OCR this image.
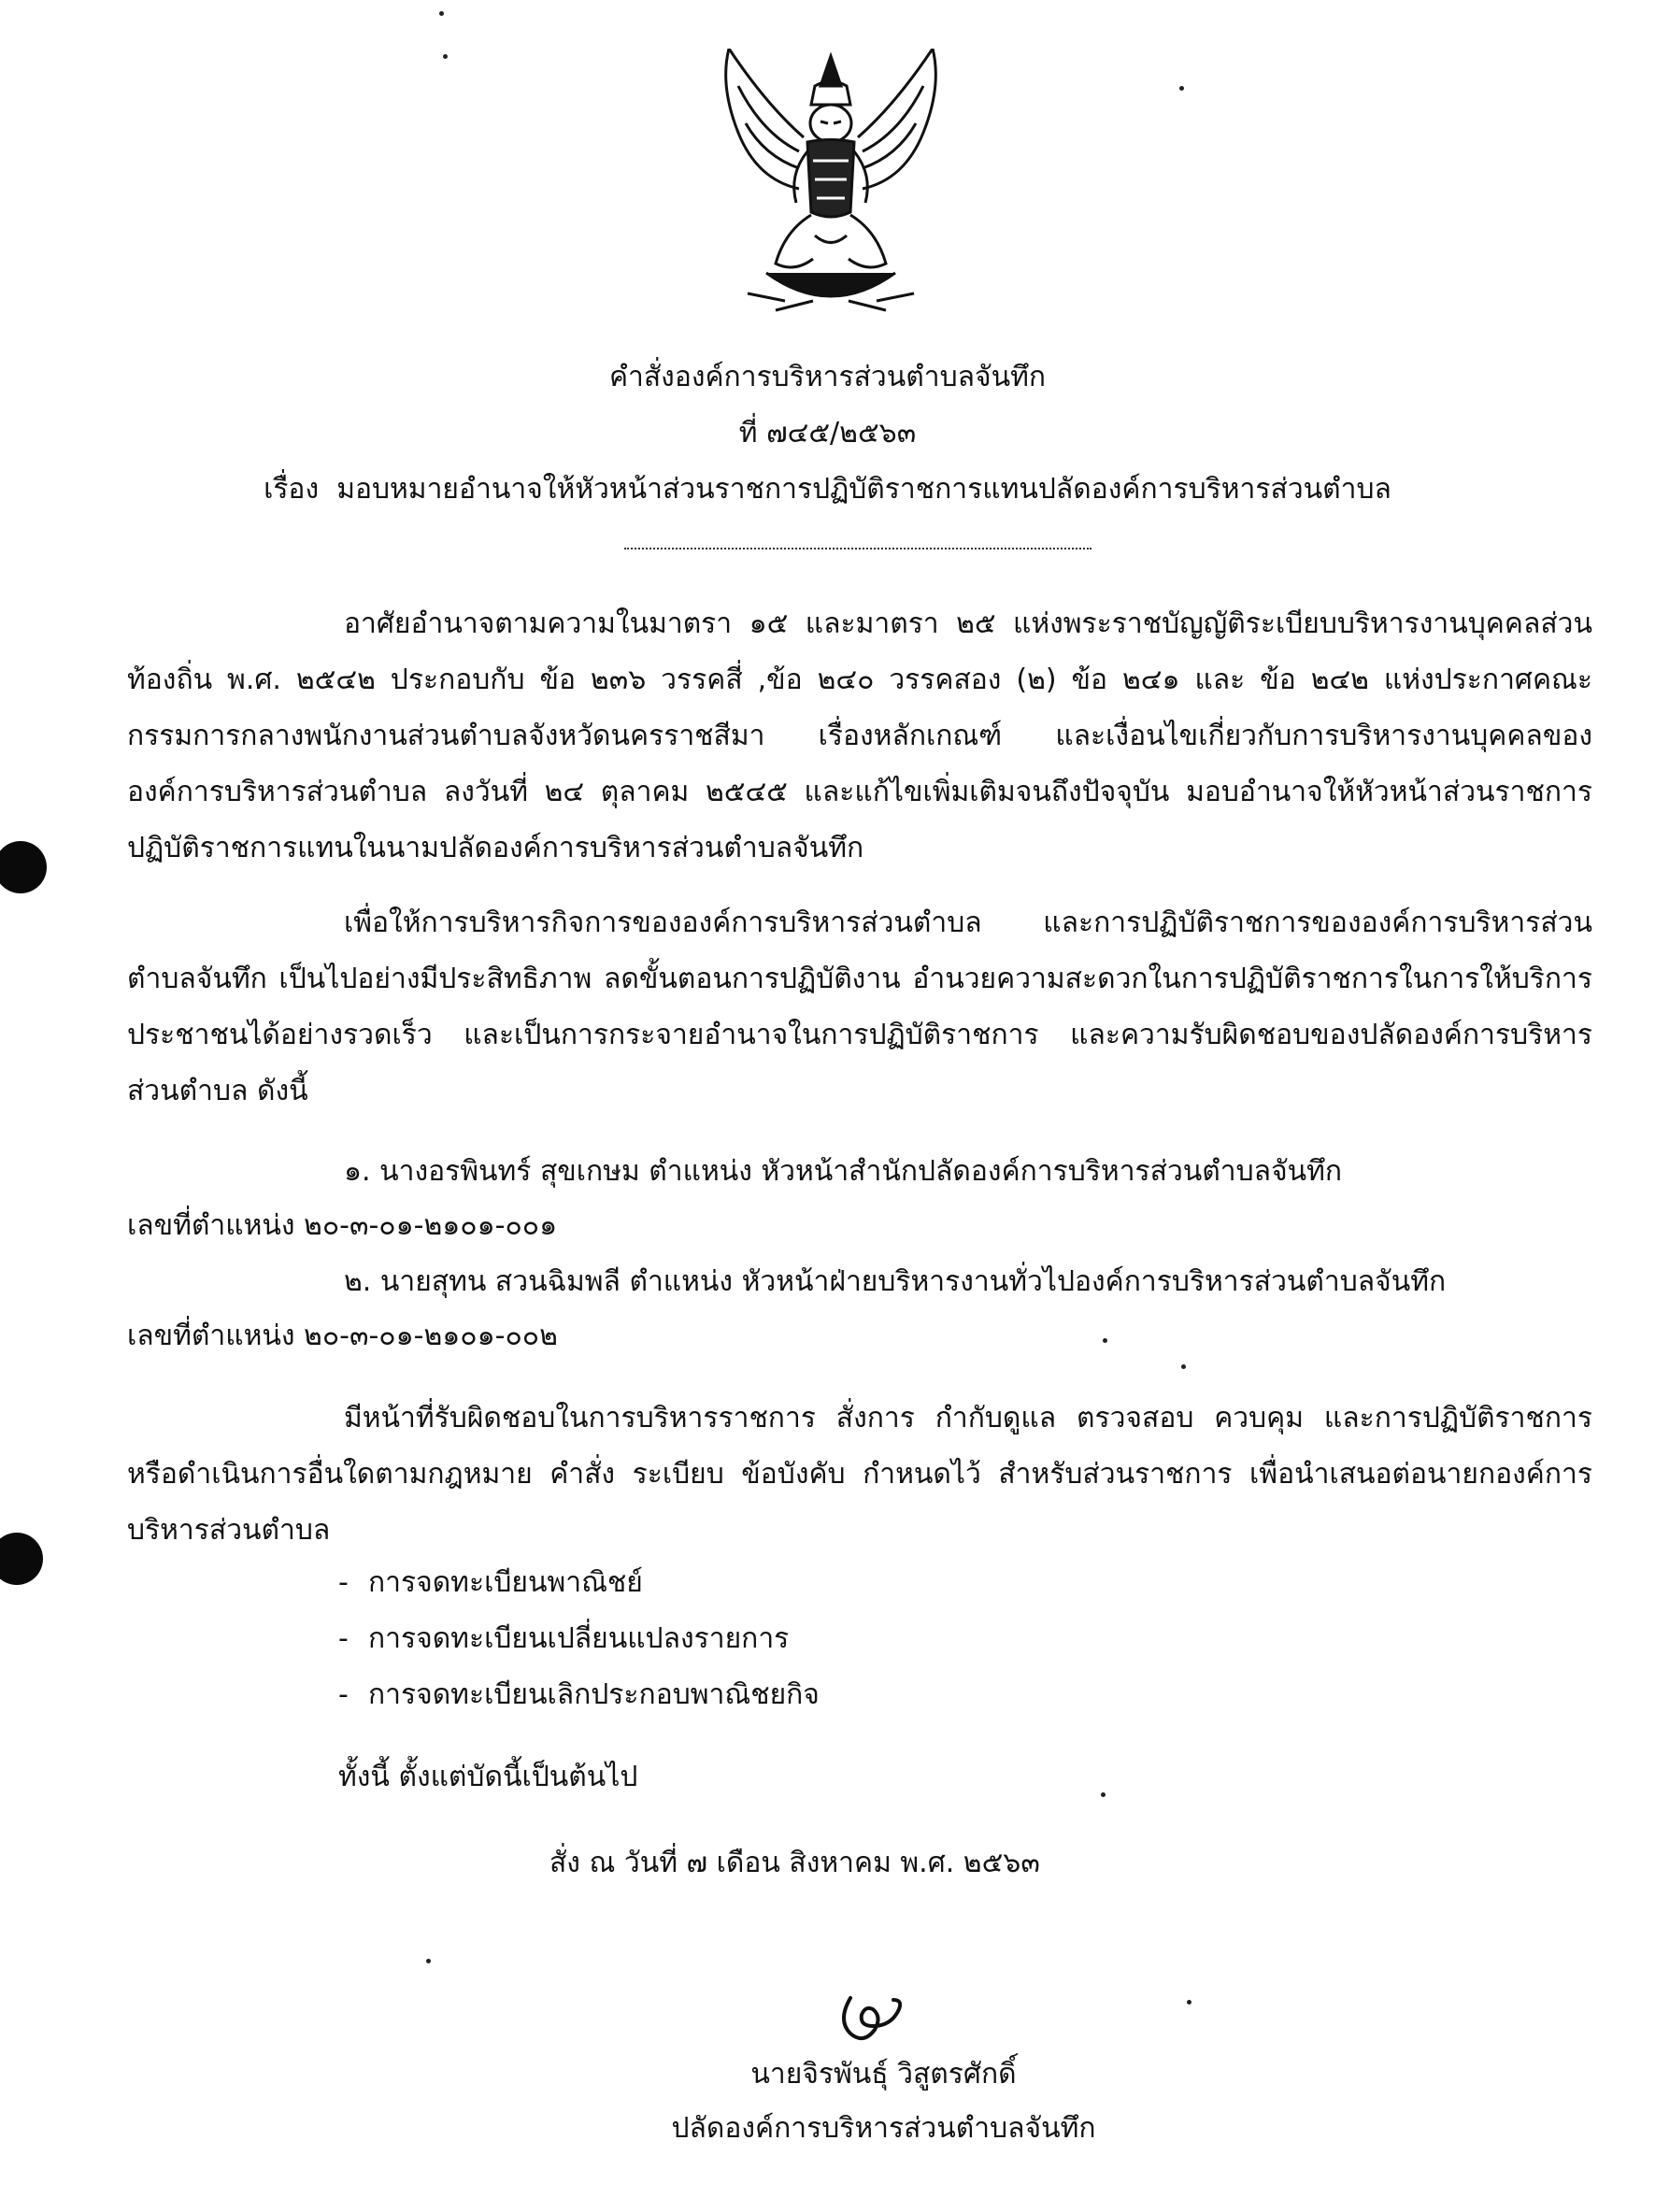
คำสั่งองค์การบริหารส่วนตำบลจันทึก
ที่ ๗๔๕/๒๕๖๓
เรื่อง มอบหมายอำนาจให้หัวหน้าส่วนราชการปฏิบัติราชการแทนปลัดองค์การบริหารส่วนตำบล
อาศัยอำนาจตามความในมาตรา ๑๕ และมาตรา ๒๕ แห่งพระราชบัญญัติระเบียบบริหารงานบุคคลส่วนท้องถิ่น พ.ศ. ๒๕๔๒ ประกอบกับ ข้อ ๒๓๖ วรรคสี่ ,ข้อ ๒๔๐ วรรคสอง (๒) ข้อ ๒๔๑ และ ข้อ ๒๔๒ แห่งประกาศคณะกรรมการกลางพนักงานส่วนตำบลจังหวัดนครราชสีมา เรื่องหลักเกณฑ์ และเงื่อนไขเกี่ยวกับการบริหารงานบุคคลขององค์การบริหารส่วนตำบล ลงวันที่ ๒๔ ตุลาคม ๒๕๔๕ และแก้ไขเพิ่มเติมจนถึงปัจจุบัน มอบอำนาจให้หัวหน้าส่วนราชการปฏิบัติราชการแทนในนามปลัดองค์การบริหารส่วนตำบลจันทึก
เพื่อให้การบริหารกิจการขององค์การบริหารส่วนตำบล และการปฏิบัติราชการขององค์การบริหารส่วนตำบลจันทึก เป็นไปอย่างมีประสิทธิภาพ ลดขั้นตอนการปฏิบัติงาน อำนวยความสะดวกในการปฏิบัติราชการในการให้บริการประชาชนได้อย่างรวดเร็ว และเป็นการกระจายอำนาจในการปฏิบัติราชการ และความรับผิดชอบของปลัดองค์การบริหารส่วนตำบล ดังนี้
๑. นางอรพินทร์ สุขเกษม ตำแหน่ง หัวหน้าสำนักปลัดองค์การบริหารส่วนตำบลจันทึก
เลขที่ตำแหน่ง ๒๐-๓-๐๑-๒๑๐๑-๐๐๑
๒. นายสุทน สวนฉิมพลี ตำแหน่ง หัวหน้าฝ่ายบริหารงานทั่วไปองค์การบริหารส่วนตำบลจันทึก
เลขที่ตำแหน่ง ๒๐-๓-๐๑-๒๑๐๑-๐๐๒
มีหน้าที่รับผิดชอบในการบริหารราชการ สั่งการ กำกับดูแล ตรวจสอบ ควบคุม และการปฏิบัติราชการ หรือดำเนินการอื่นใดตามกฎหมาย คำสั่ง ระเบียบ ข้อบังคับ กำหนดไว้ สำหรับส่วนราชการ เพื่อนำเสนอต่อนายกองค์การบริหารส่วนตำบล
- การจดทะเบียนพาณิชย์
- การจดทะเบียนเปลี่ยนแปลงรายการ
- การจดทะเบียนเลิกประกอบพาณิชยกิจ
ทั้งนี้ ตั้งแต่บัดนี้เป็นต้นไป
สั่ง ณ วันที่ ๗ เดือน สิงหาคม พ.ศ. ๒๕๖๓
นายจิรพันธุ์ วิสูตรศักดิ์
ปลัดองค์การบริหารส่วนตำบลจันทึก
